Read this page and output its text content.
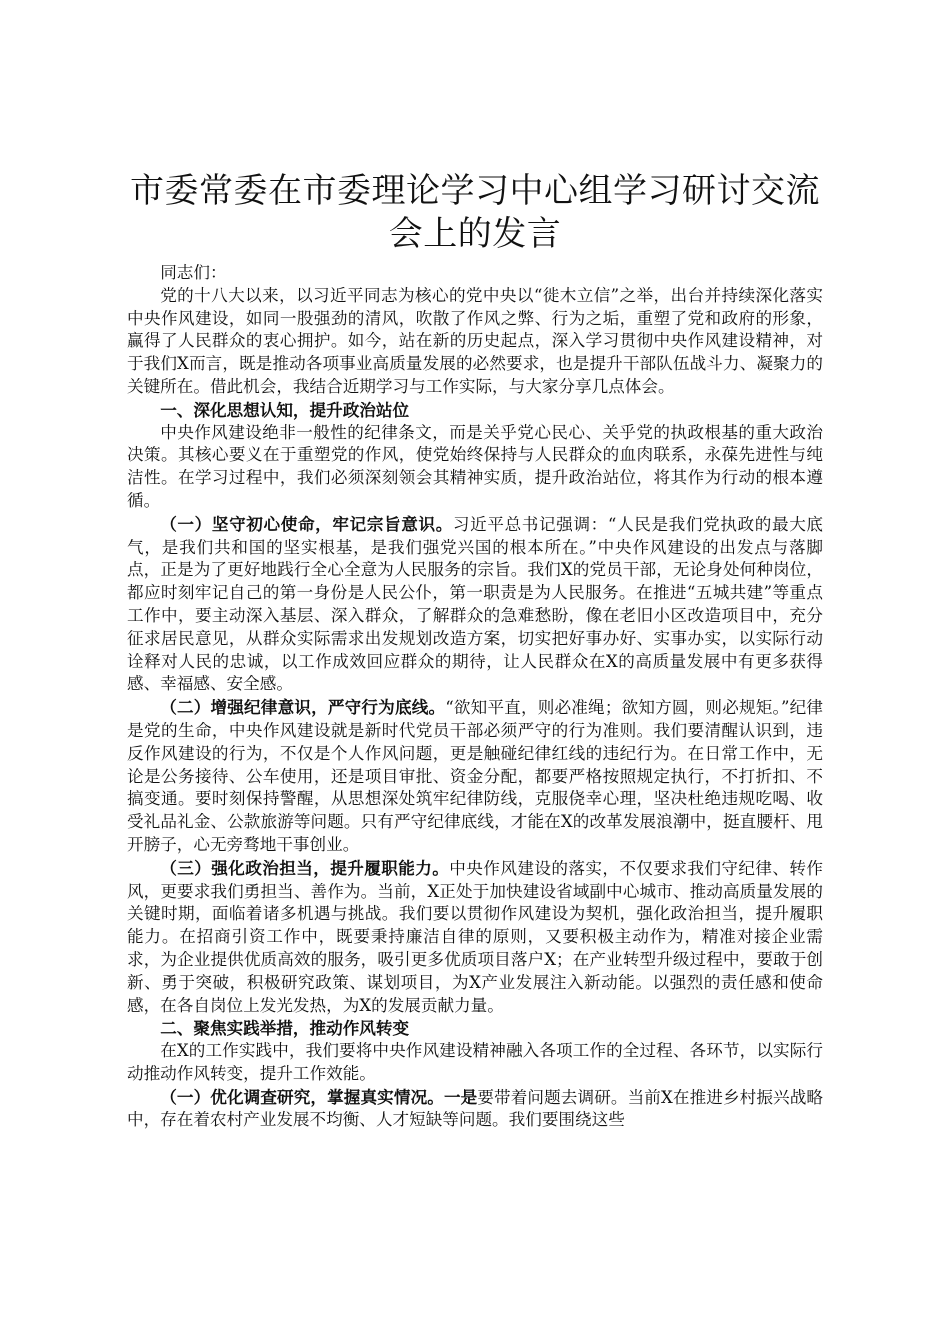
市委常委在市委理论学习中心组学习研讨交流
会上的发言

同志们：

党的十八大以来，以习近平同志为核心的党中央以“徙木立信”之举，出台并持续深化落实中央作风建设，如同一股强劲的清风，吹散了作风之弊、行为之垢，重塑了党和政府的形象，赢得了人民群众的衷心拥护。如今，站在新的历史起点，深入学习贯彻中央作风建设精神，对于我们X而言，既是推动各项事业高质量发展的必然要求，也是提升干部队伍战斗力、凝聚力的关键所在。借此机会，我结合近期学习与工作实际，与大家分享几点体会。

一、深化思想认知，提升政治站位

中央作风建设绝非一般性的纪律条文，而是关乎党心民心、关乎党的执政根基的重大政治决策。其核心要义在于重塑党的作风，使党始终保持与人民群众的血肉联系，永葆先进性与纯洁性。在学习过程中，我们必须深刻领会其精神实质，提升政治站位，将其作为行动的根本遵循。

（一）坚守初心使命，牢记宗旨意识。习近平总书记强调：“人民是我们党执政的最大底气，是我们共和国的坚实根基，是我们强党兴国的根本所在。”中央作风建设的出发点与落脚点，正是为了更好地践行全心全意为人民服务的宗旨。我们X的党员干部，无论身处何种岗位，都应时刻牢记自己的第一身份是人民公仆，第一职责是为人民服务。在推进“五城共建”等重点工作中，要主动深入基层、深入群众，了解群众的急难愁盼，像在老旧小区改造项目中，充分征求居民意见，从群众实际需求出发规划改造方案，切实把好事办好、实事办实，以实际行动诠释对人民的忠诚，以工作成效回应群众的期待，让人民群众在X的高质量发展中有更多获得感、幸福感、安全感。

（二）增强纪律意识，严守行为底线。“欲知平直，则必准绳；欲知方圆，则必规矩。”纪律是党的生命，中央作风建设就是新时代党员干部必须严守的行为准则。我们要清醒认识到，违反作风建设的行为，不仅是个人作风问题，更是触碰纪律红线的违纪行为。在日常工作中，无论是公务接待、公车使用，还是项目审批、资金分配，都要严格按照规定执行，不打折扣、不搞变通。要时刻保持警醒，从思想深处筑牢纪律防线，克服侥幸心理，坚决杜绝违规吃喝、收受礼品礼金、公款旅游等问题。只有严守纪律底线，才能在X的改革发展浪潮中，挺直腰杆、甩开膀子，心无旁骛地干事创业。

（三）强化政治担当，提升履职能力。中央作风建设的落实，不仅要求我们守纪律、转作风，更要求我们勇担当、善作为。当前，X正处于加快建设省域副中心城市、推动高质量发展的关键时期，面临着诸多机遇与挑战。我们要以贯彻作风建设为契机，强化政治担当，提升履职能力。在招商引资工作中，既要秉持廉洁自律的原则，又要积极主动作为，精准对接企业需求，为企业提供优质高效的服务，吸引更多优质项目落户X；在产业转型升级过程中，要敢于创新、勇于突破，积极研究政策、谋划项目，为X产业发展注入新动能。以强烈的责任感和使命感，在各自岗位上发光发热，为X的发展贡献力量。

二、聚焦实践举措，推动作风转变

在X的工作实践中，我们要将中央作风建设精神融入各项工作的全过程、各环节，以实际行动推动作风转变，提升工作效能。

（一）优化调查研究，掌握真实情况。一是要带着问题去调研。当前X在推进乡村振兴战略中，存在着农村产业发展不均衡、人才短缺等问题。我们要围绕这些
